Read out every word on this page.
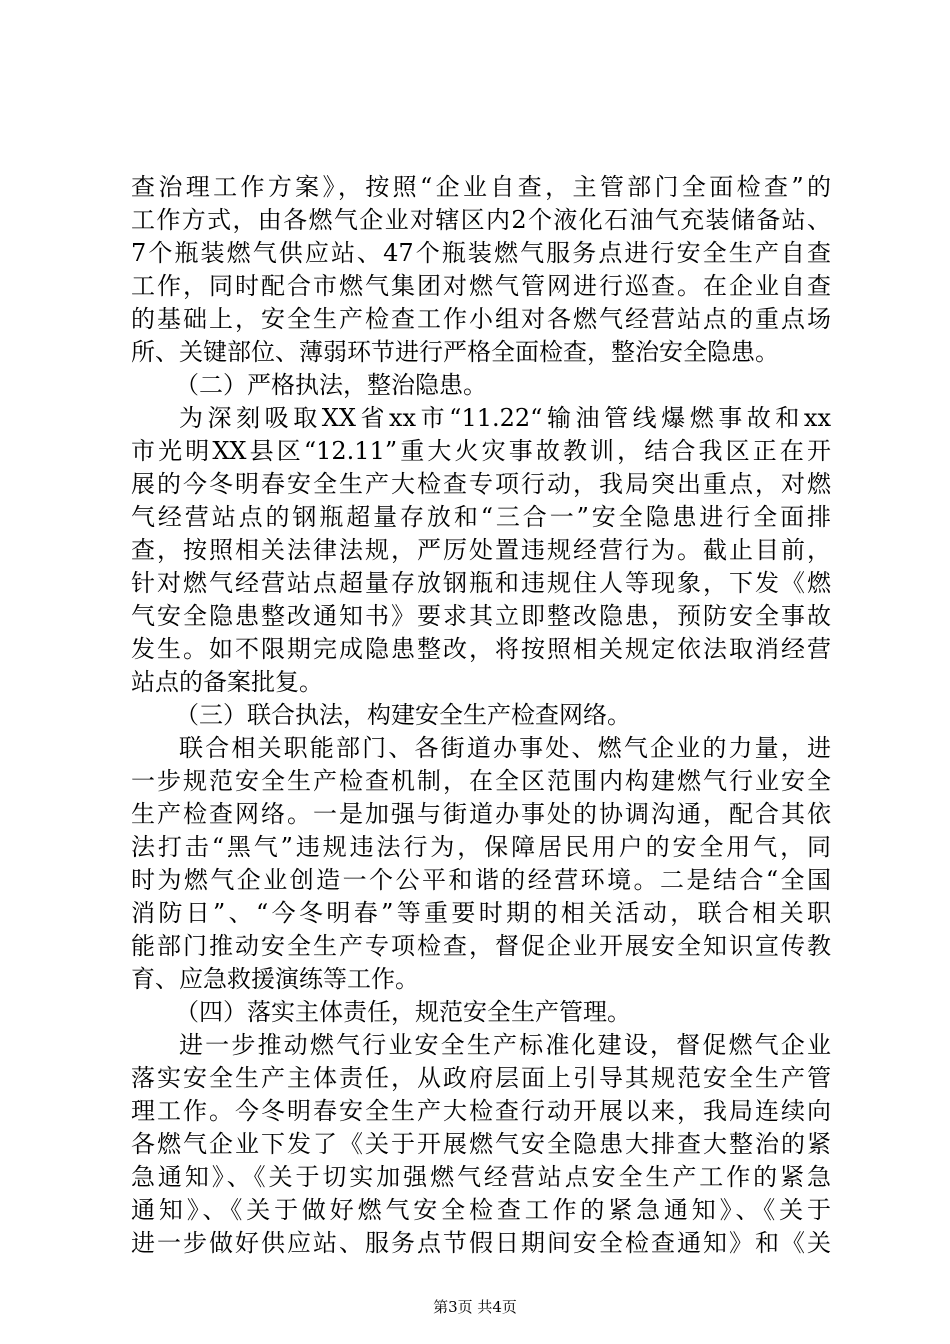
查治理工作方案》，按照“企业自查，主管部门全面检查”的
工作方式，由各燃气企业对辖区内2个液化石油气充装储备站、
7个瓶装燃气供应站、47个瓶装燃气服务点进行安全生产自查
工作，同时配合市燃气集团对燃气管网进行巡查。在企业自查
的基础上，安全生产检查工作小组对各燃气经营站点的重点场
所、关键部位、薄弱环节进行严格全面检查，整治安全隐患。
（二）严格执法，整治隐患。
为深刻吸取XX省xx市“11.22“输油管线爆燃事故和xx
市光明XX县区“12.11”重大火灾事故教训，结合我区正在开
展的今冬明春安全生产大检查专项行动，我局突出重点，对燃
气经营站点的钢瓶超量存放和“三合一”安全隐患进行全面排
查，按照相关法律法规，严厉处置违规经营行为。截止目前，
针对燃气经营站点超量存放钢瓶和违规住人等现象，下发《燃
气安全隐患整改通知书》要求其立即整改隐患，预防安全事故
发生。如不限期完成隐患整改，将按照相关规定依法取消经营
站点的备案批复。
（三）联合执法，构建安全生产检查网络。
联合相关职能部门、各街道办事处、燃气企业的力量，进
一步规范安全生产检查机制，在全区范围内构建燃气行业安全
生产检查网络。一是加强与街道办事处的协调沟通，配合其依
法打击“黑气”违规违法行为，保障居民用户的安全用气，同
时为燃气企业创造一个公平和谐的经营环境。二是结合“全国
消防日”、“今冬明春”等重要时期的相关活动，联合相关职
能部门推动安全生产专项检查，督促企业开展安全知识宣传教
育、应急救援演练等工作。
（四）落实主体责任，规范安全生产管理。
进一步推动燃气行业安全生产标准化建设，督促燃气企业
落实安全生产主体责任，从政府层面上引导其规范安全生产管
理工作。今冬明春安全生产大检查行动开展以来，我局连续向
各燃气企业下发了《关于开展燃气安全隐患大排查大整治的紧
急通知》、《关于切实加强燃气经营站点安全生产工作的紧急
通知》、《关于做好燃气安全检查工作的紧急通知》、《关于
进一步做好供应站、服务点节假日期间安全检查通知》和《关
第3页 共4页
